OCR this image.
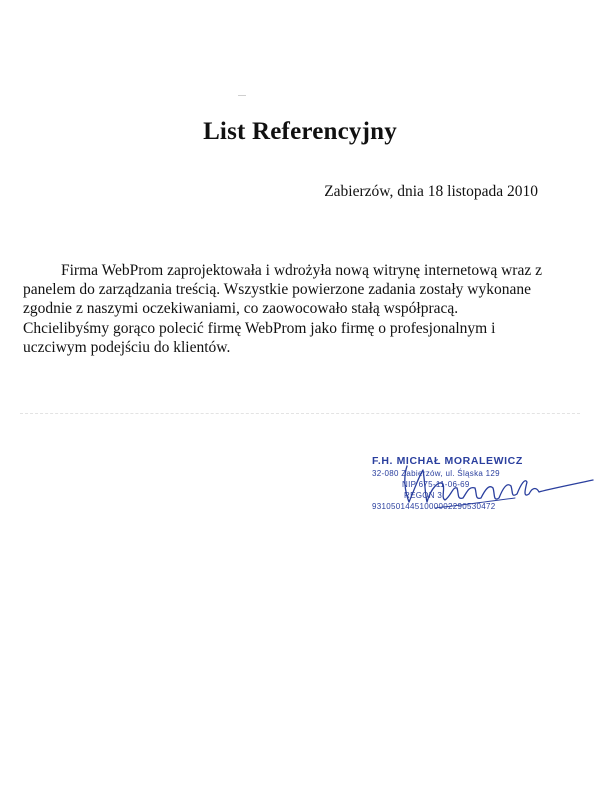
List Referencyjny
Zabierzów, dnia 18 listopada 2010

Firma WebProm zaprojektowała i wdrożyła nową witrynę internetową wraz z
panelem do zarządzania treścią. Wszystkie powierzone zadania zostały wykonane
zgodnie z naszymi oczekiwaniami, co zaowocowało stałą współpracą.
Chcielibyśmy gorąco polecić firmę WebProm jako firmę o profesjonalnym i
uczciwym podejściu do klientów.

F.H. MICHAŁ MORALEWICZ
32-080 Zabierzów, ul. Śląska 129
NIP 675-11-06-69
REGON 3
93105014451000002290530472
